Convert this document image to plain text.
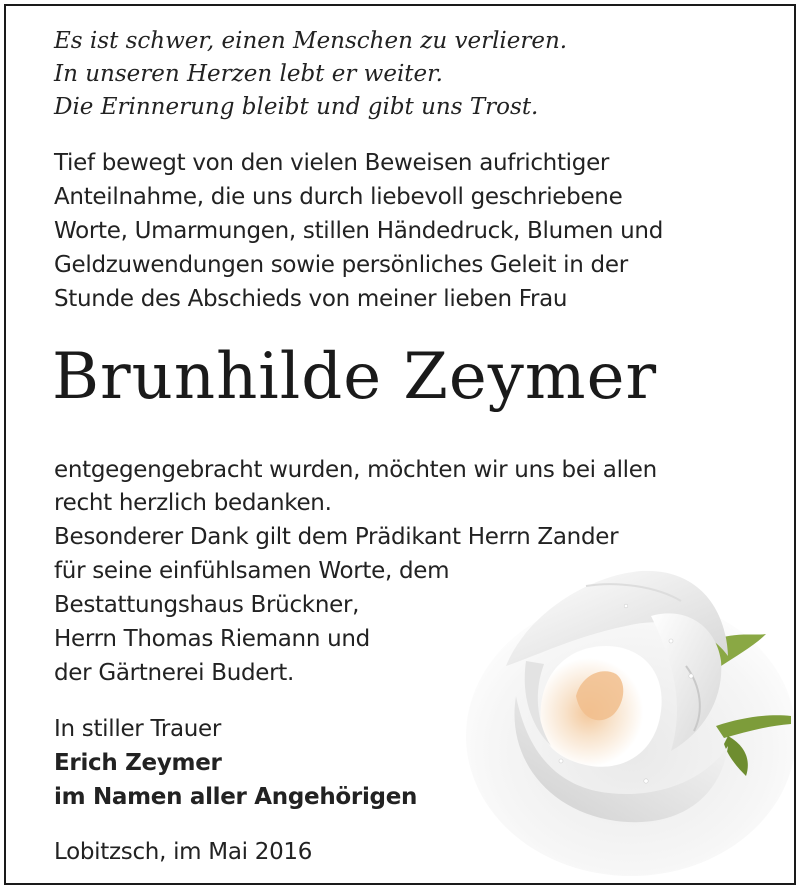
Es ist schwer, einen Menschen zu verlieren.
In unseren Herzen lebt er weiter.
Die Erinnerung bleibt und gibt uns Trost.
Tief bewegt von den vielen Beweisen aufrichtiger
Anteilnahme, die uns durch liebevoll geschriebene
Worte, Umarmungen, stillen Händedruck, Blumen und
Geldzuwendungen sowie persönliches Geleit in der
Stunde des Abschieds von meiner lieben Frau
Brunhilde Zeymer
entgegengebracht wurden, möchten wir uns bei allen
recht herzlich bedanken.
Besonderer Dank gilt dem Prädikant Herrn Zander
für seine einfühlsamen Worte, dem
Bestattungshaus Brückner,
Herrn Thomas Riemann und
der Gärtnerei Budert.
In stiller Trauer
Erich Zeymer
im Namen aller Angehörigen
Lobitzsch, im Mai 2016
